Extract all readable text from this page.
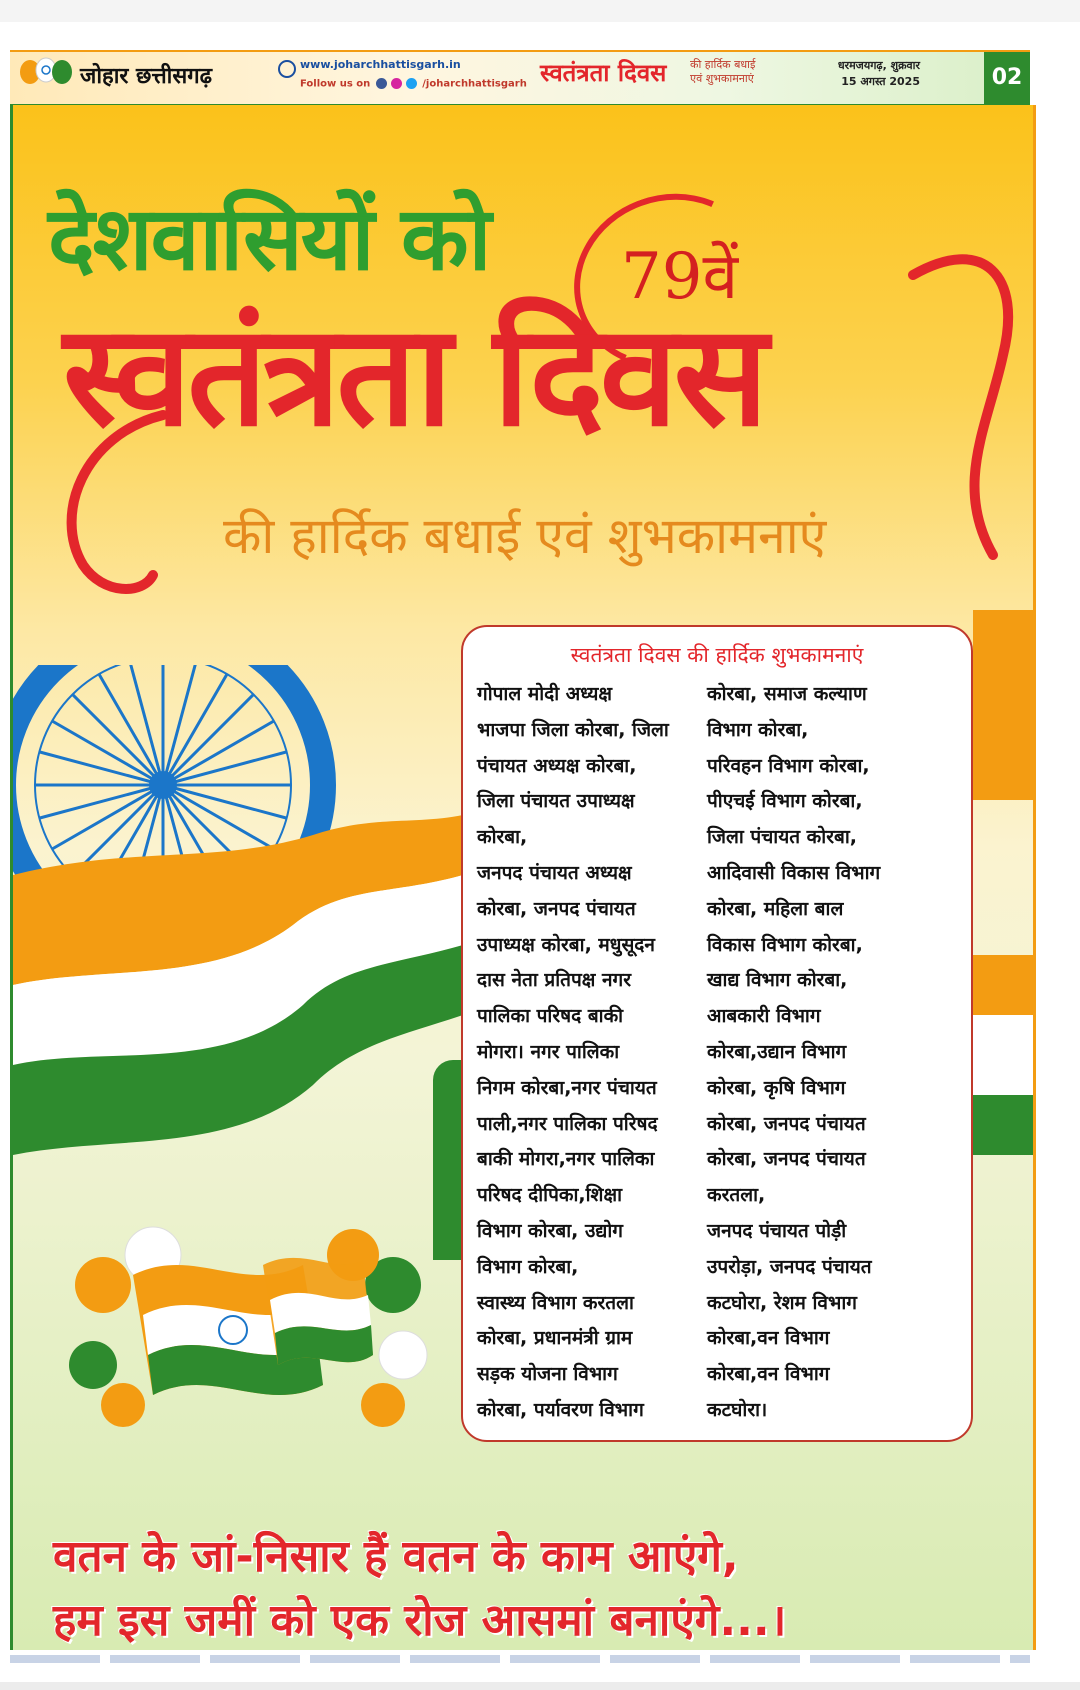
जोहार छत्तीसगढ़	www.joharchhattisgarh.in
Follow us on	/joharchhattisgarh स्वतंत्रता दिवस की हार्दिक बधाई
एवं शुभकामनाएं
धरमजयगढ़, शुक्रवार
15 अगस्त 2025	02
देशवासियों को 79वें
स्वतंत्रता दिवस
की हार्दिक बधाई एवं शुभकामनाएं
स्वतंत्रता दिवस की हार्दिक शुभकामनाएं
गोपाल मोदी अध्यक्ष
भाजपा जिला कोरबा, जिला
पंचायत अध्यक्ष कोरबा,
जिला पंचायत उपाध्यक्ष
कोरबा,
जनपद पंचायत अध्यक्ष
कोरबा, जनपद पंचायत
उपाध्यक्ष कोरबा, मधुसूदन
दास नेता प्रतिपक्ष नगर
पालिका परिषद बाकी
मोगरा। नगर पालिका
निगम कोरबा,नगर पंचायत
पाली,नगर पालिका परिषद
बाकी मोगरा,नगर पालिका
परिषद दीपिका,शिक्षा
विभाग कोरबा, उद्योग
विभाग कोरबा,
स्वास्थ्य विभाग करतला
कोरबा, प्रधानमंत्री ग्राम
सड़क योजना विभाग
कोरबा, पर्यावरण विभाग
कोरबा, समाज कल्याण
विभाग कोरबा,
परिवहन विभाग कोरबा,
पीएचई विभाग कोरबा,
जिला पंचायत कोरबा,
आदिवासी विकास विभाग
कोरबा, महिला बाल
विकास विभाग कोरबा,
खाद्य विभाग कोरबा,
आबकारी विभाग
कोरबा,उद्यान विभाग
कोरबा, कृषि विभाग
कोरबा, जनपद पंचायत
कोरबा, जनपद पंचायत
करतला,
जनपद पंचायत पोड़ी
उपरोड़ा, जनपद पंचायत
कटघोरा, रेशम विभाग
कोरबा,वन विभाग
कोरबा,वन विभाग
कटघोरा।
वतन के जां-निसार हैं वतन के काम आएंगे,
हम इस जमीं को एक रोज आसमां बनाएंगे...।
